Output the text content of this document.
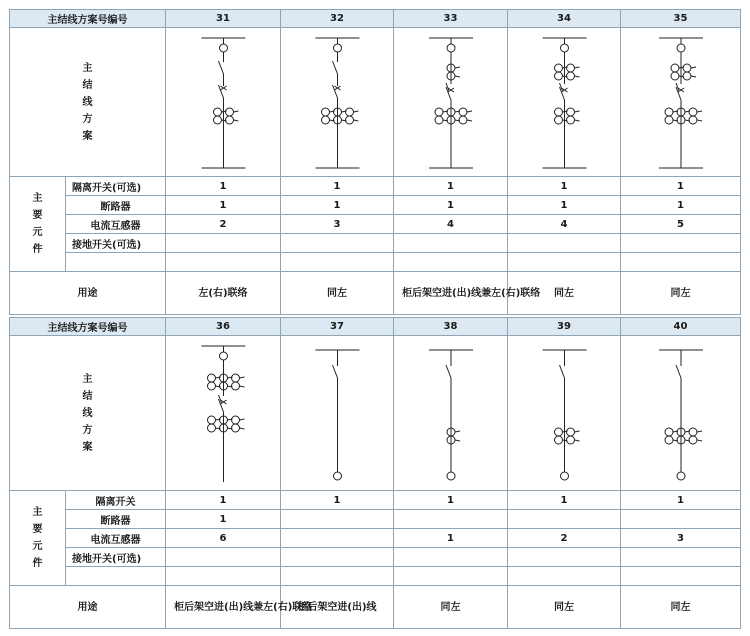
主结线方案号编号		31	32	33	34	35

主
结
线
方
案

主
要
元
件	隔离开关(可选)	1	1	1	1	1
	断路器	1	1	1	1	1
	电流互感器	2	3	4	4	5
	接地开关(可选)					

用途		左(右)联络	同左	柜后架空进(出)线兼左(右)联络	同左	同左
主结线方案号编号		36	37	38	39	40

主
结
线
方
案

主
要
元
件	隔离开关	1	1	1	1	1
	断路器	1				
	电流互感器	6		1	2	3
	接地开关(可选)					

用途		柜后架空进(出)线兼左(右)联络	柜后架空进(出)线	同左	同左	同左
